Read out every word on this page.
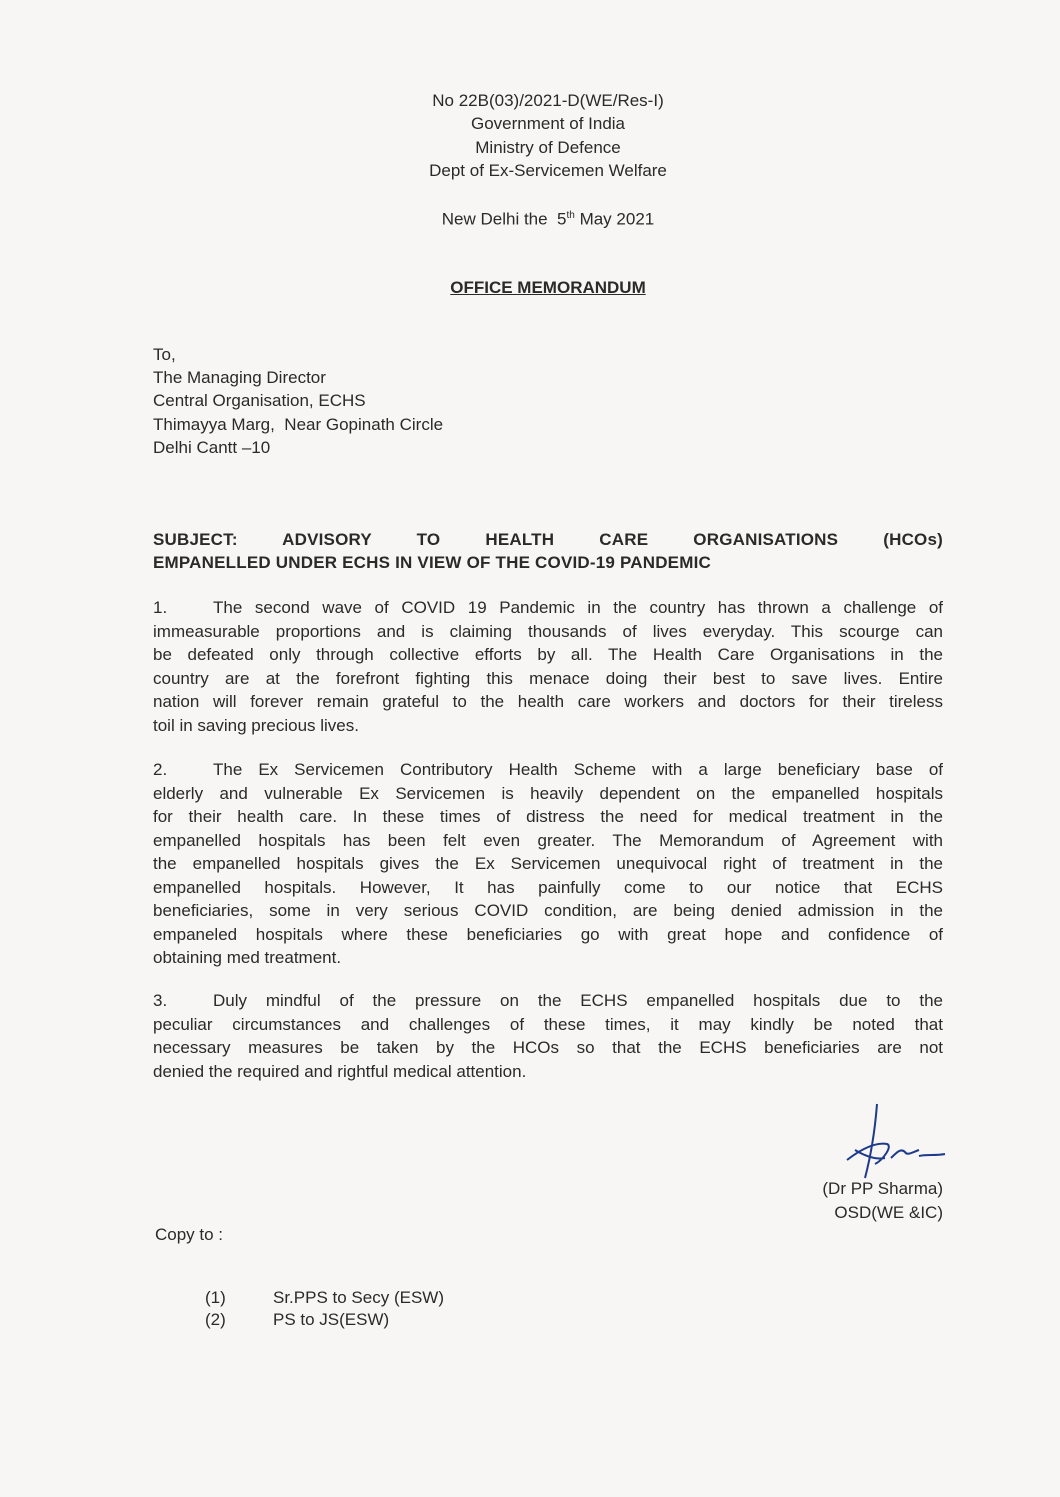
No 22B(03)/2021-D(WE/Res-I)
Government of India
Ministry of Defence
Dept of Ex-Servicemen Welfare
New Delhi the  5th May 2021
OFFICE MEMORANDUM
To,
The Managing Director
Central Organisation, ECHS
Thimayya Marg,  Near Gopinath Circle
Delhi Cantt –10
SUBJECT: ADVISORY TO HEALTH CARE ORGANISATIONS (HCOs)
EMPANELLED UNDER ECHS IN VIEW OF THE COVID-19 PANDEMIC
1.	The second wave of COVID 19 Pandemic in the country has thrown a challenge of
immeasurable proportions and is claiming thousands of lives everyday. This scourge can
be defeated only through collective efforts by all. The Health Care Organisations in the
country are at the forefront fighting this menace doing their best to save lives. Entire
nation will forever remain grateful to the health care workers and doctors for their tireless
toil in saving precious lives.
2.	The Ex Servicemen Contributory Health Scheme with a large beneficiary base of
elderly and vulnerable Ex Servicemen is heavily dependent on the empanelled hospitals
for their health care. In these times of distress the need for medical treatment in the
empanelled hospitals has been felt even greater. The Memorandum of Agreement with
the empanelled hospitals gives the Ex Servicemen unequivocal right of treatment in the
empanelled hospitals. However, It has painfully come to our notice that ECHS
beneficiaries, some in very serious COVID condition, are being denied admission in the
empaneled hospitals where these beneficiaries go with great hope and confidence of
obtaining med treatment.
3.	Duly mindful of the pressure on the ECHS empanelled hospitals due to the
peculiar circumstances and challenges of these times, it may kindly be noted that
necessary measures be taken by the HCOs so that the ECHS beneficiaries are not
denied the required and rightful medical attention.
(Dr PP Sharma)
OSD(WE &IC)
Copy to :
(1)	Sr.PPS to Secy (ESW)
(2)	PS to JS(ESW)
